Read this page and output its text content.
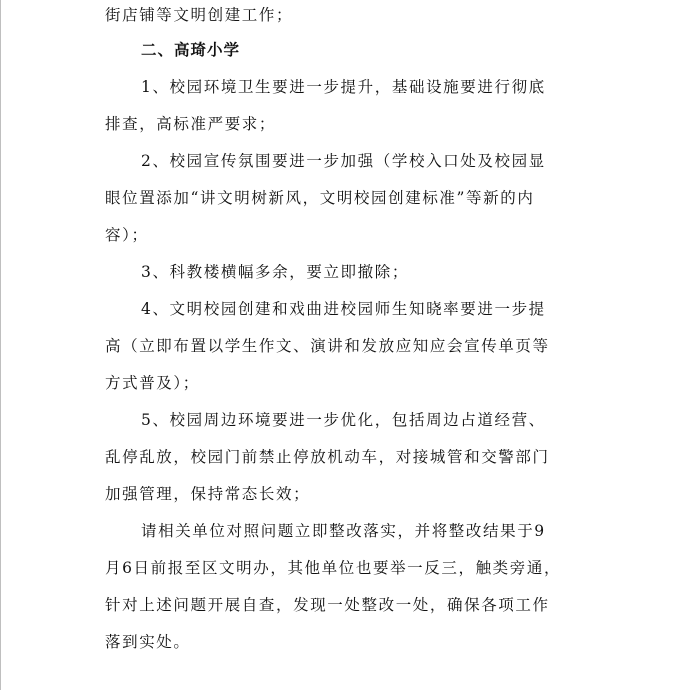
街店铺等文明创建工作；
二、高琦小学
1、校园环境卫生要进一步提升，基础设施要进行彻底
排查，高标准严要求；
2、校园宣传氛围要进一步加强（学校入口处及校园显
眼位置添加“讲文明树新风，文明校园创建标准”等新的内
容）；
3、科教楼横幅多余，要立即撤除；
4、文明校园创建和戏曲进校园师生知晓率要进一步提
高（立即布置以学生作文、演讲和发放应知应会宣传单页等
方式普及）；
5、校园周边环境要进一步优化，包括周边占道经营、
乱停乱放，校园门前禁止停放机动车，对接城管和交警部门
加强管理，保持常态长效；
请相关单位对照问题立即整改落实，并将整改结果于9
月6日前报至区文明办，其他单位也要举一反三，触类旁通，
针对上述问题开展自查，发现一处整改一处，确保各项工作
落到实处。
